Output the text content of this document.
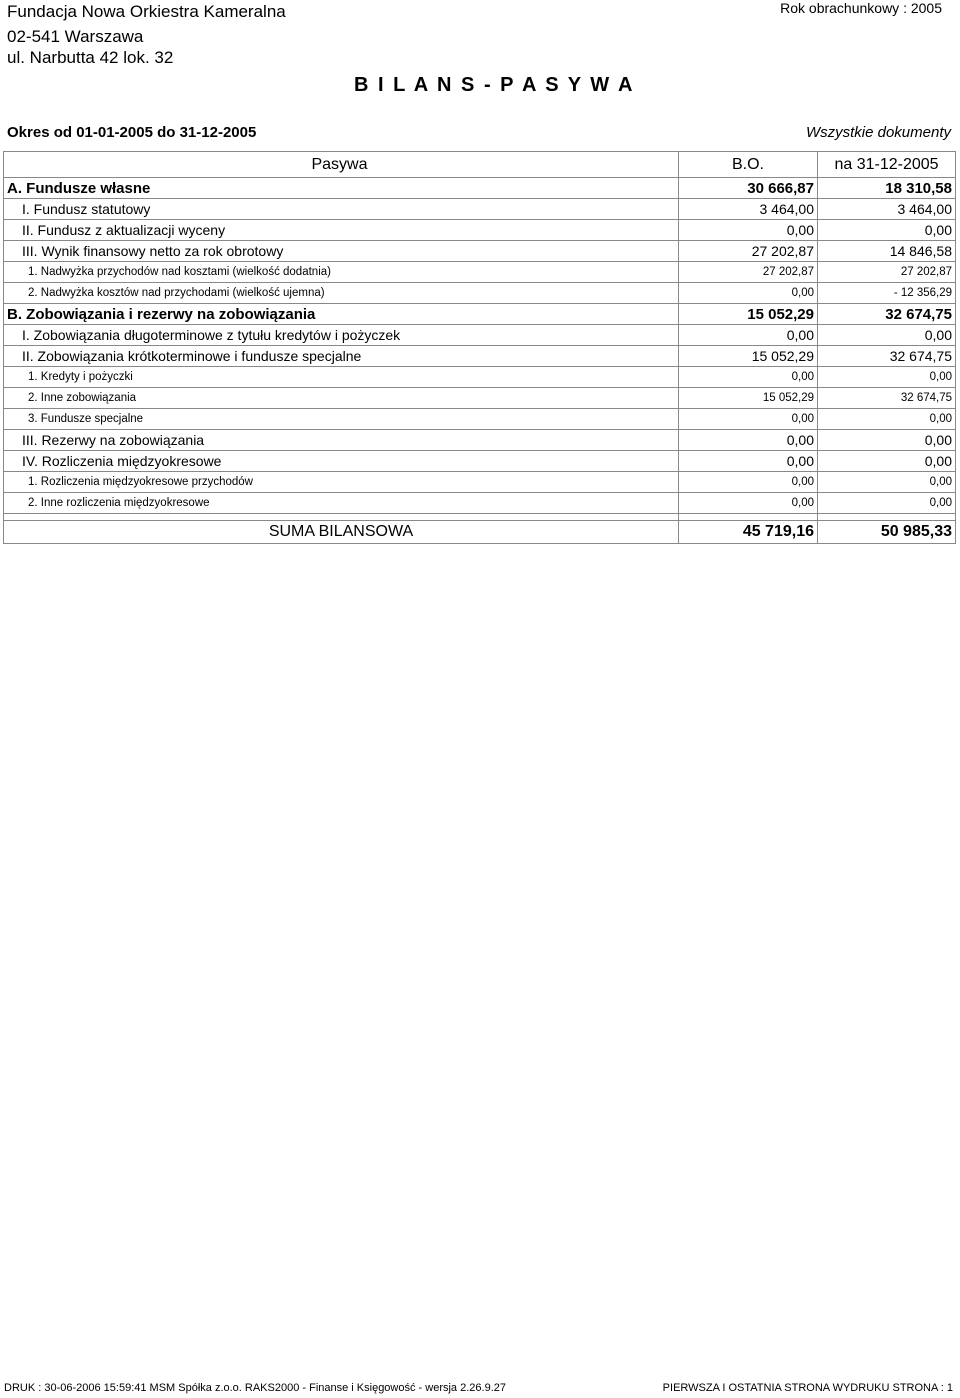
Fundacja Nowa Orkiestra Kameralna
02-541 Warszawa
ul. Narbutta 42 lok. 32
Rok obrachunkowy : 2005
B I L A N S - P A S Y W A
Okres od 01-01-2005 do 31-12-2005	Wszystkie dokumenty
Pasywa	B.O.	na 31-12-2005
A. Fundusze własne	30 666,87	18 310,58
I. Fundusz statutowy	3 464,00	3 464,00
II. Fundusz z aktualizacji wyceny	0,00	0,00
III. Wynik finansowy netto za rok obrotowy	27 202,87	14 846,58
1. Nadwyżka przychodów nad kosztami (wielkość dodatnia)	27 202,87	27 202,87
2. Nadwyżka kosztów nad przychodami (wielkość ujemna)	0,00	- 12 356,29
B. Zobowiązania i rezerwy na zobowiązania	15 052,29	32 674,75
I. Zobowiązania długoterminowe z tytułu kredytów i pożyczek	0,00	0,00
II. Zobowiązania krótkoterminowe i fundusze specjalne	15 052,29	32 674,75
1. Kredyty i pożyczki	0,00	0,00
2. Inne zobowiązania	15 052,29	32 674,75
3. Fundusze specjalne	0,00	0,00
III. Rezerwy na zobowiązania	0,00	0,00
IV. Rozliczenia międzyokresowe	0,00	0,00
1. Rozliczenia międzyokresowe przychodów	0,00	0,00
2. Inne rozliczenia międzyokresowe	0,00	0,00

SUMA BILANSOWA	45 719,16	50 985,33
DRUK : 30-06-2006 15:59:41 MSM Spółka z.o.o. RAKS2000 - Finanse i Księgowość - wersja 2.26.9.27	PIERWSZA I OSTATNIA STRONA WYDRUKU STRONA : 1
